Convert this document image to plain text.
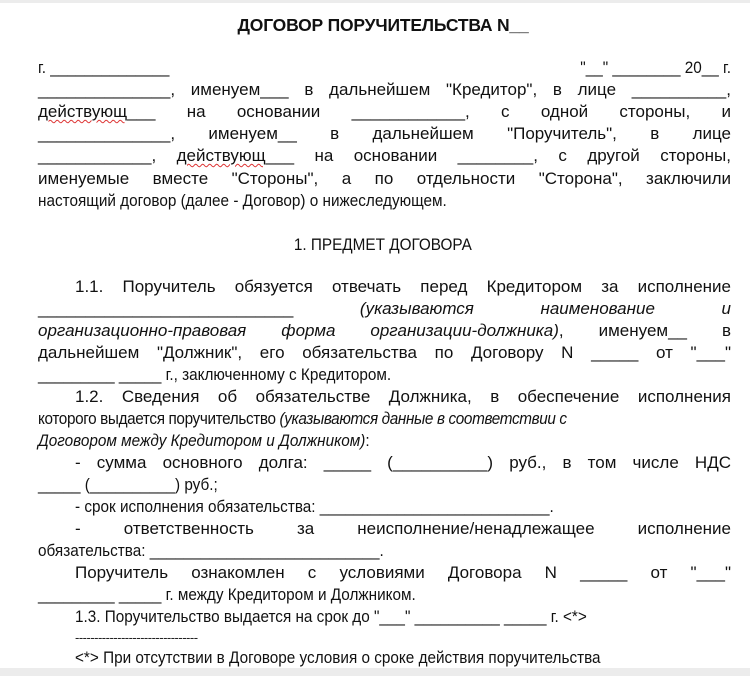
ДОГОВОР ПОРУЧИТЕЛЬСТВА N__
г. ______________	"__" ________ 20__ г.
______________, именуем___ в дальнейшем "Кредитор", в лице __________,
действующ___ на основании ____________, с одной стороны, и
______________, именуем__ в дальнейшем "Поручитель", в лице
____________, действующ___ на основании ________, с другой стороны,
именуемые вместе "Стороны", а по отдельности "Сторона", заключили
настоящий договор (далее - Договор) о нижеследующем.
1. ПРЕДМЕТ ДОГОВОРА
1.1. Поручитель обязуется отвечать перед Кредитором за исполнение
___________________________	(указываются наименование и
организационно-правовая форма организации-должника), именуем__ в
дальнейшем "Должник", его обязательства по Договору N _____ от "___"
_________ _____ г., заключенному с Кредитором.
1.2. Сведения об обязательстве Должника, в обеспечение исполнения
которого выдается поручительство (указываются данные в соответствии с
Договором между Кредитором и Должником):
- сумма основного долга: _____ (__________) руб., в том числе НДС
_____ (__________) руб.;
- срок исполнения обязательства: ___________________________.
- ответственность за неисполнение/ненадлежащее исполнение
обязательства: ___________________________.
Поручитель ознакомлен с условиями Договора N _____ от "___"
_________ _____ г. между Кредитором и Должником.
1.3. Поручительство выдается на срок до "___" __________ _____ г. <*>
--------------------------------
<*> При отсутствии в Договоре условия о сроке действия поручительства
